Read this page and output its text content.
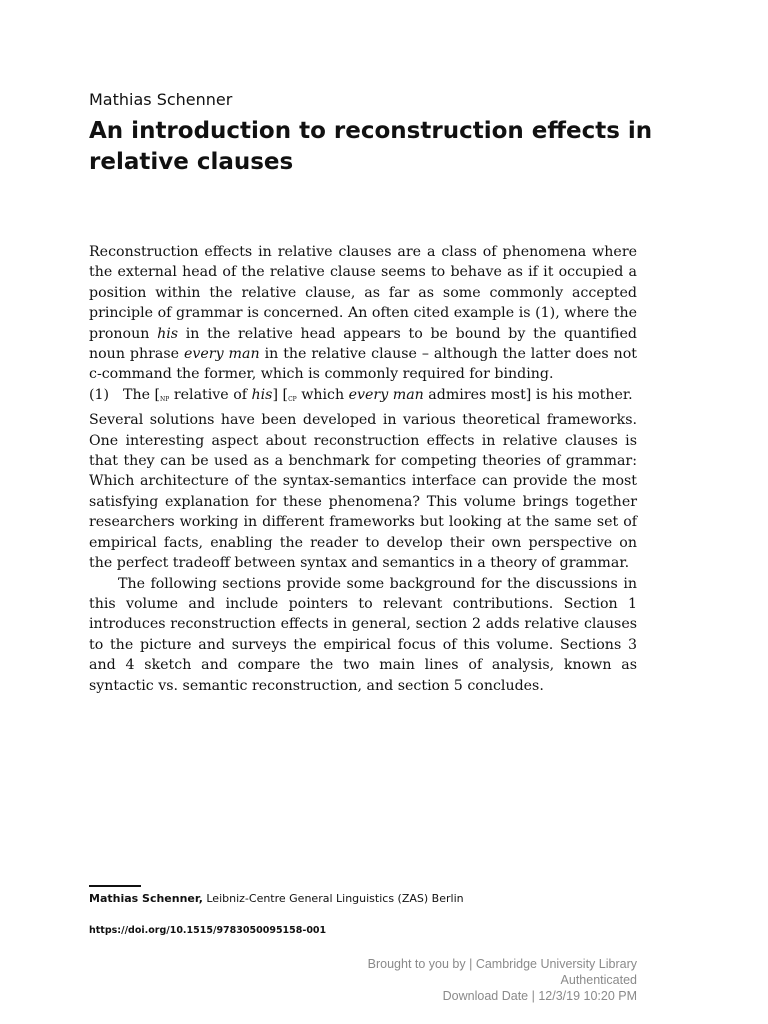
Mathias Schenner
An introduction to reconstruction effects in relative clauses

Reconstruction effects in relative clauses are a class of phenomena where the external head of the relative clause seems to behave as if it occupied a position within the relative clause, as far as some commonly accepted principle of grammar is concerned. An often cited example is (1), where the pronoun his in the relative head appears to be bound by the quantified noun phrase every man in the relative clause – although the latter does not c-command the former, which is commonly required for binding.

(1) The [$_{NP}$ relative of his] [$_{CP}$ which every man admires most] is his mother.

Several solutions have been developed in various theoretical frameworks. One interesting aspect about reconstruction effects in relative clauses is that they can be used as a benchmark for competing theories of grammar: Which architecture of the syntax-semantics interface can provide the most satisfying explanation for these phenomena? This volume brings together researchers working in different frameworks but looking at the same set of empirical facts, enabling the reader to develop their own perspective on the perfect tradeoff between syntax and semantics in a theory of grammar.

The following sections provide some background for the discussions in this volume and include pointers to relevant contributions. Section 1 introduces reconstruction effects in general, section 2 adds relative clauses to the picture and surveys the empirical focus of this volume. Sections 3 and 4 sketch and compare the two main lines of analysis, known as syntactic vs. semantic reconstruction, and section 5 concludes.

Mathias Schenner, Leibniz-Centre General Linguistics (ZAS) Berlin
https://doi.org/10.1515/9783050095158-001
Brought to you by | Cambridge University Library
Authenticated
Download Date | 12/3/19 10:20 PM
